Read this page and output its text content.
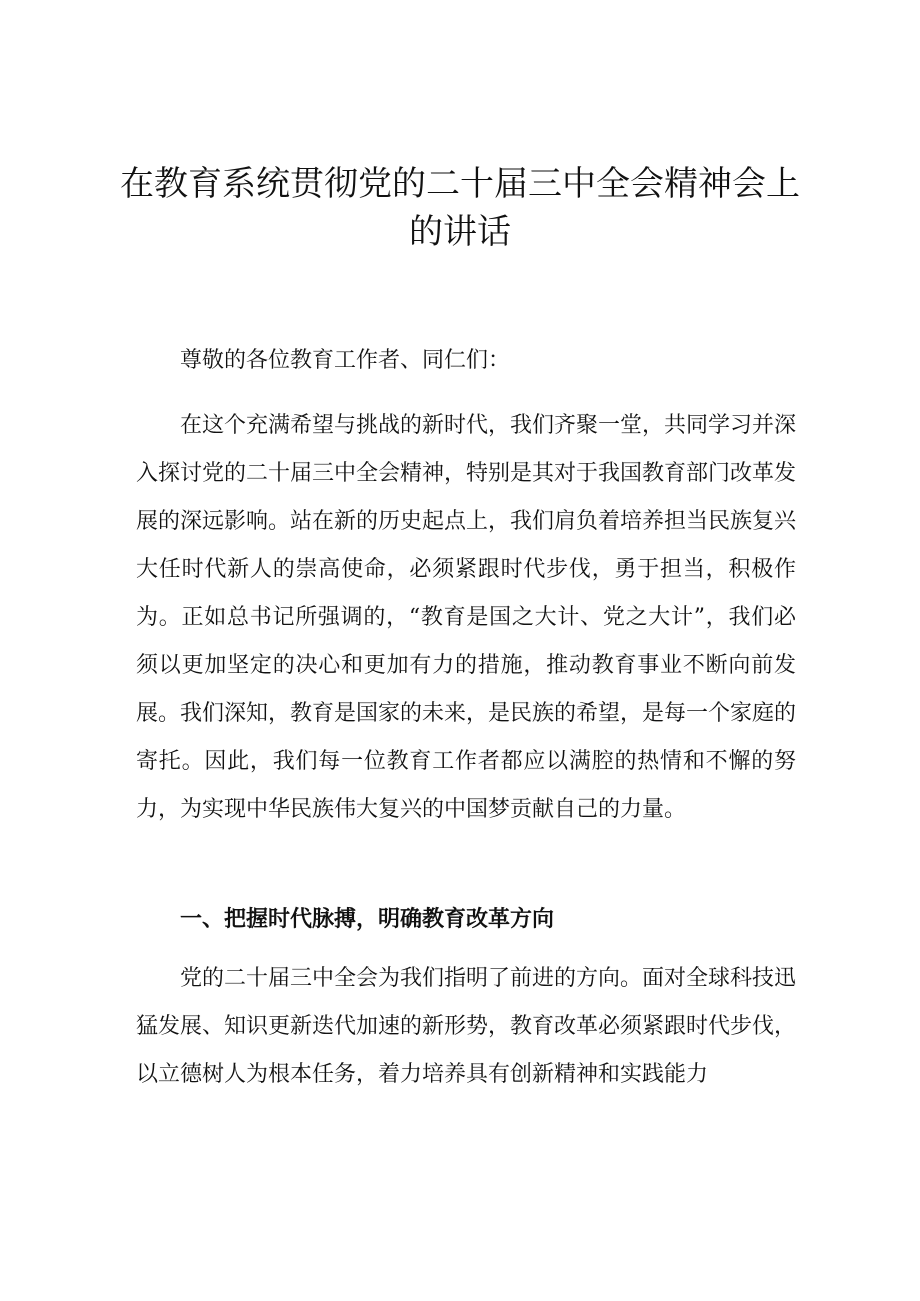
在教育系统贯彻党的二十届三中全会精神会上的讲话

尊敬的各位教育工作者、同仁们：

在这个充满希望与挑战的新时代，我们齐聚一堂，共同学习并深入探讨党的二十届三中全会精神，特别是其对于我国教育部门改革发展的深远影响。站在新的历史起点上，我们肩负着培养担当民族复兴大任时代新人的崇高使命，必须紧跟时代步伐，勇于担当，积极作为。正如总书记所强调的，“教育是国之大计、党之大计”，我们必须以更加坚定的决心和更加有力的措施，推动教育事业不断向前发展。我们深知，教育是国家的未来，是民族的希望，是每一个家庭的寄托。因此，我们每一位教育工作者都应以满腔的热情和不懈的努力，为实现中华民族伟大复兴的中国梦贡献自己的力量。

一、把握时代脉搏，明确教育改革方向

党的二十届三中全会为我们指明了前进的方向。面对全球科技迅猛发展、知识更新迭代加速的新形势，教育改革必须紧跟时代步伐，以立德树人为根本任务，着力培养具有创新精神和实践能力
